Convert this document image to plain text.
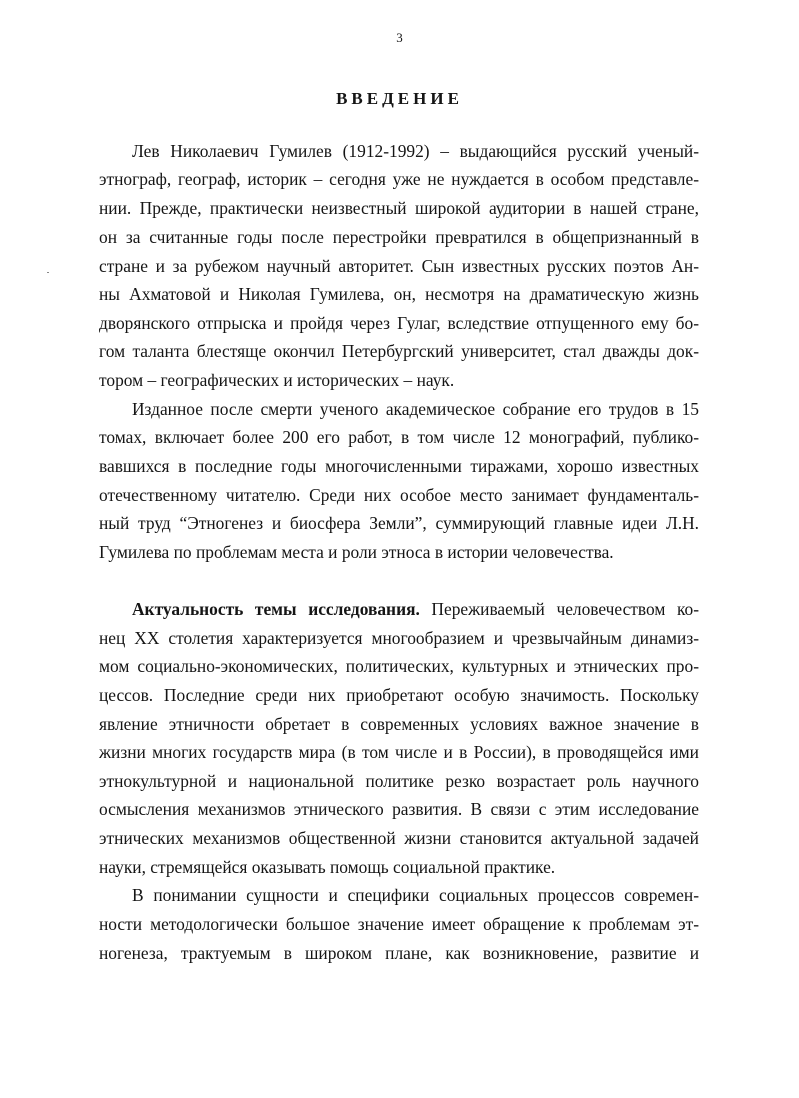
3
ВВЕДЕНИЕ
Лев Николаевич Гумилев (1912-1992) – выдающийся русский ученый-
этнограф, географ, историк – сегодня уже не нуждается в особом представле-
нии. Прежде, практически неизвестный широкой аудитории в нашей стране,
он за считанные годы после перестройки превратился в общепризнанный в
стране и за рубежом научный авторитет. Сын известных русских поэтов Ан-
ны Ахматовой и Николая Гумилева, он, несмотря на драматическую жизнь
дворянского отпрыска и пройдя через Гулаг, вследствие отпущенного ему бо-
гом таланта блестяще окончил Петербургский университет, стал дважды док-
тором – географических и исторических – наук.
Изданное после смерти ученого академическое собрание его трудов в 15
томах, включает более 200 его работ, в том числе 12 монографий, публико-
вавшихся в последние годы многочисленными тиражами, хорошо известных
отечественному читателю. Среди них особое место занимает фундаменталь-
ный труд “Этногенез и биосфера Земли”, суммирующий главные идеи Л.Н.
Гумилева по проблемам места и роли этноса в истории человечества.
Актуальность темы исследования. Переживаемый человечеством ко-
нец XX столетия характеризуется многообразием и чрезвычайным динамиз-
мом социально-экономических, политических, культурных и этнических про-
цессов. Последние среди них приобретают особую значимость. Поскольку
явление этничности обретает в современных условиях важное значение в
жизни многих государств мира (в том числе и в России), в проводящейся ими
этнокультурной и национальной политике резко возрастает роль научного
осмысления механизмов этнического развития. В связи с этим исследование
этнических механизмов общественной жизни становится актуальной задачей
науки, стремящейся оказывать помощь социальной практике.
В понимании сущности и специфики социальных процессов современ-
ности методологически большое значение имеет обращение к проблемам эт-
ногенеза, трактуемым в широком плане, как возникновение, развитие и
